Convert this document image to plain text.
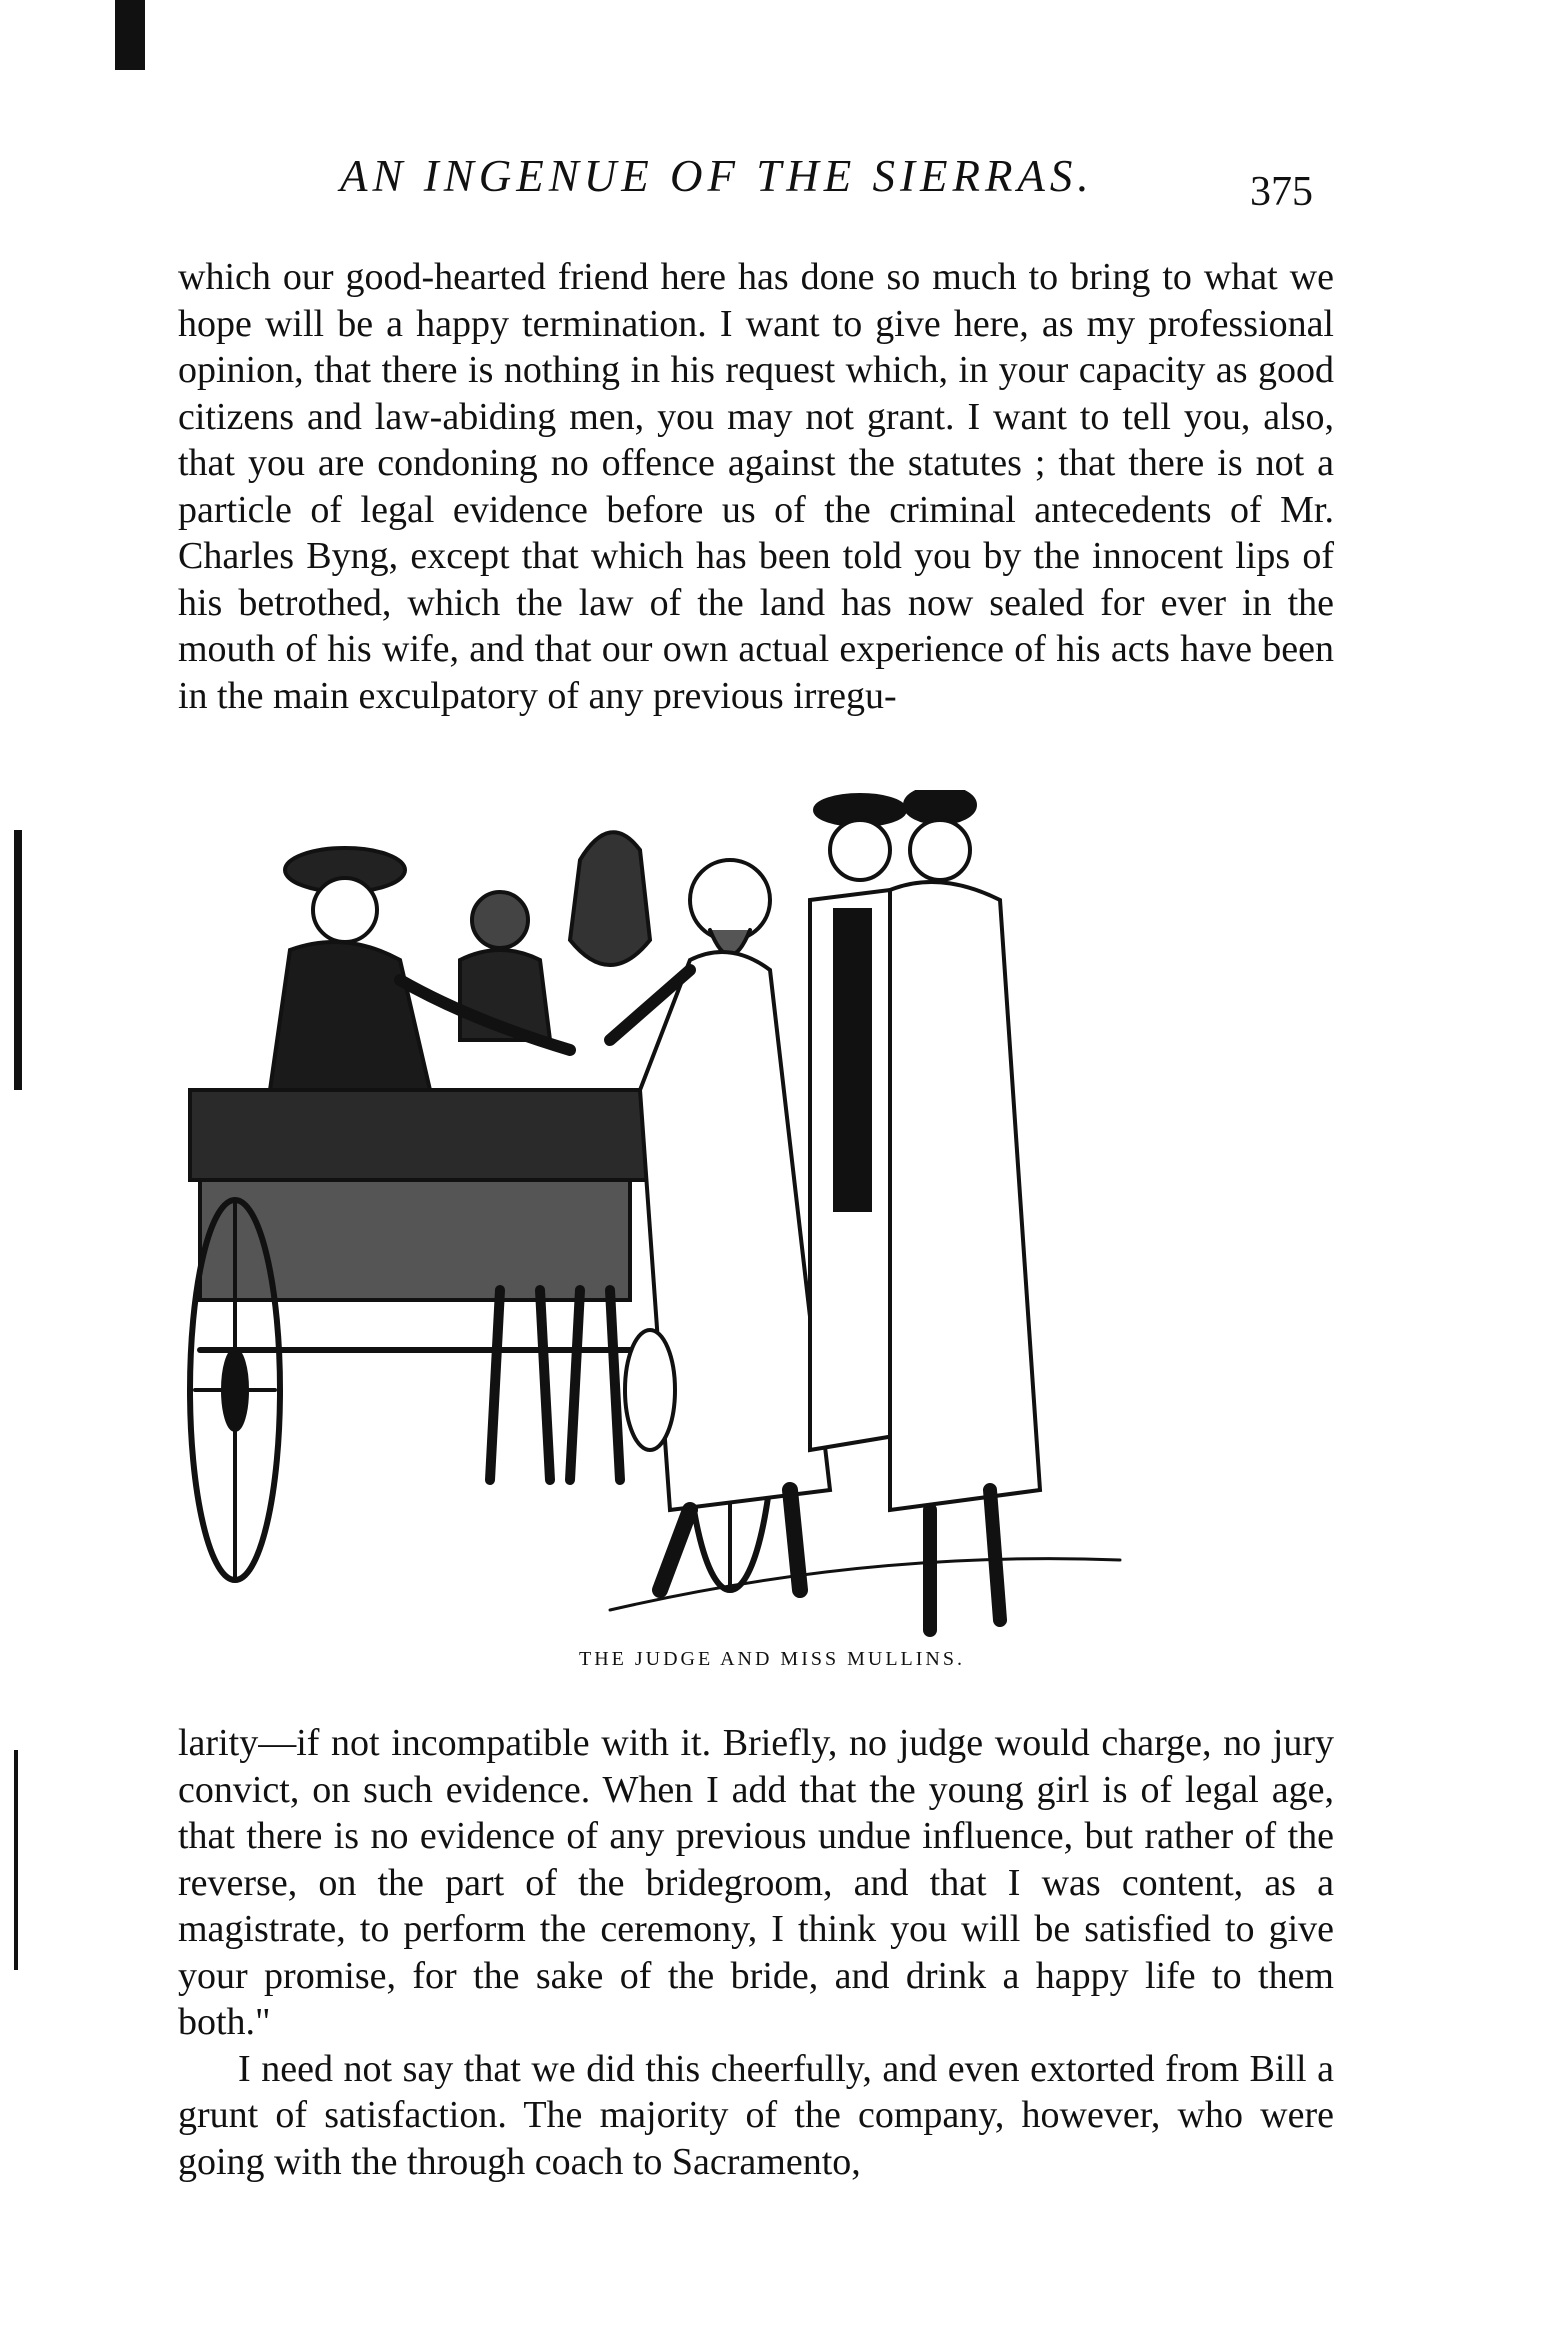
AN INGENUE OF THE SIERRAS.	375

which our good-hearted friend here has done so much to bring to what we hope will be a happy termination. I want to give here, as my professional opinion, that there is nothing in his request which, in your capacity as good citizens and law-abiding men, you may not grant. I want to tell you, also, that you are condoning no offence against the statutes ; that there is not a particle of legal evidence before us of the criminal antecedents of Mr. Charles Byng, except that which has been told you by the innocent lips of his betrothed, which the law of the land has now sealed for ever in the mouth of his wife, and that our own actual experience of his acts have been in the main exculpatory of any previous irregu-

THE JUDGE AND MISS MULLINS.

larity—if not incompatible with it. Briefly, no judge would charge, no jury convict, on such evidence. When I add that the young girl is of legal age, that there is no evidence of any previous undue influence, but rather of the reverse, on the part of the bridegroom, and that I was content, as a magistrate, to perform the ceremony, I think you will be satisfied to give your promise, for the sake of the bride, and drink a happy life to them both."

I need not say that we did this cheerfully, and even extorted from Bill a grunt of satisfaction. The majority of the company, however, who were going with the through coach to Sacramento,
